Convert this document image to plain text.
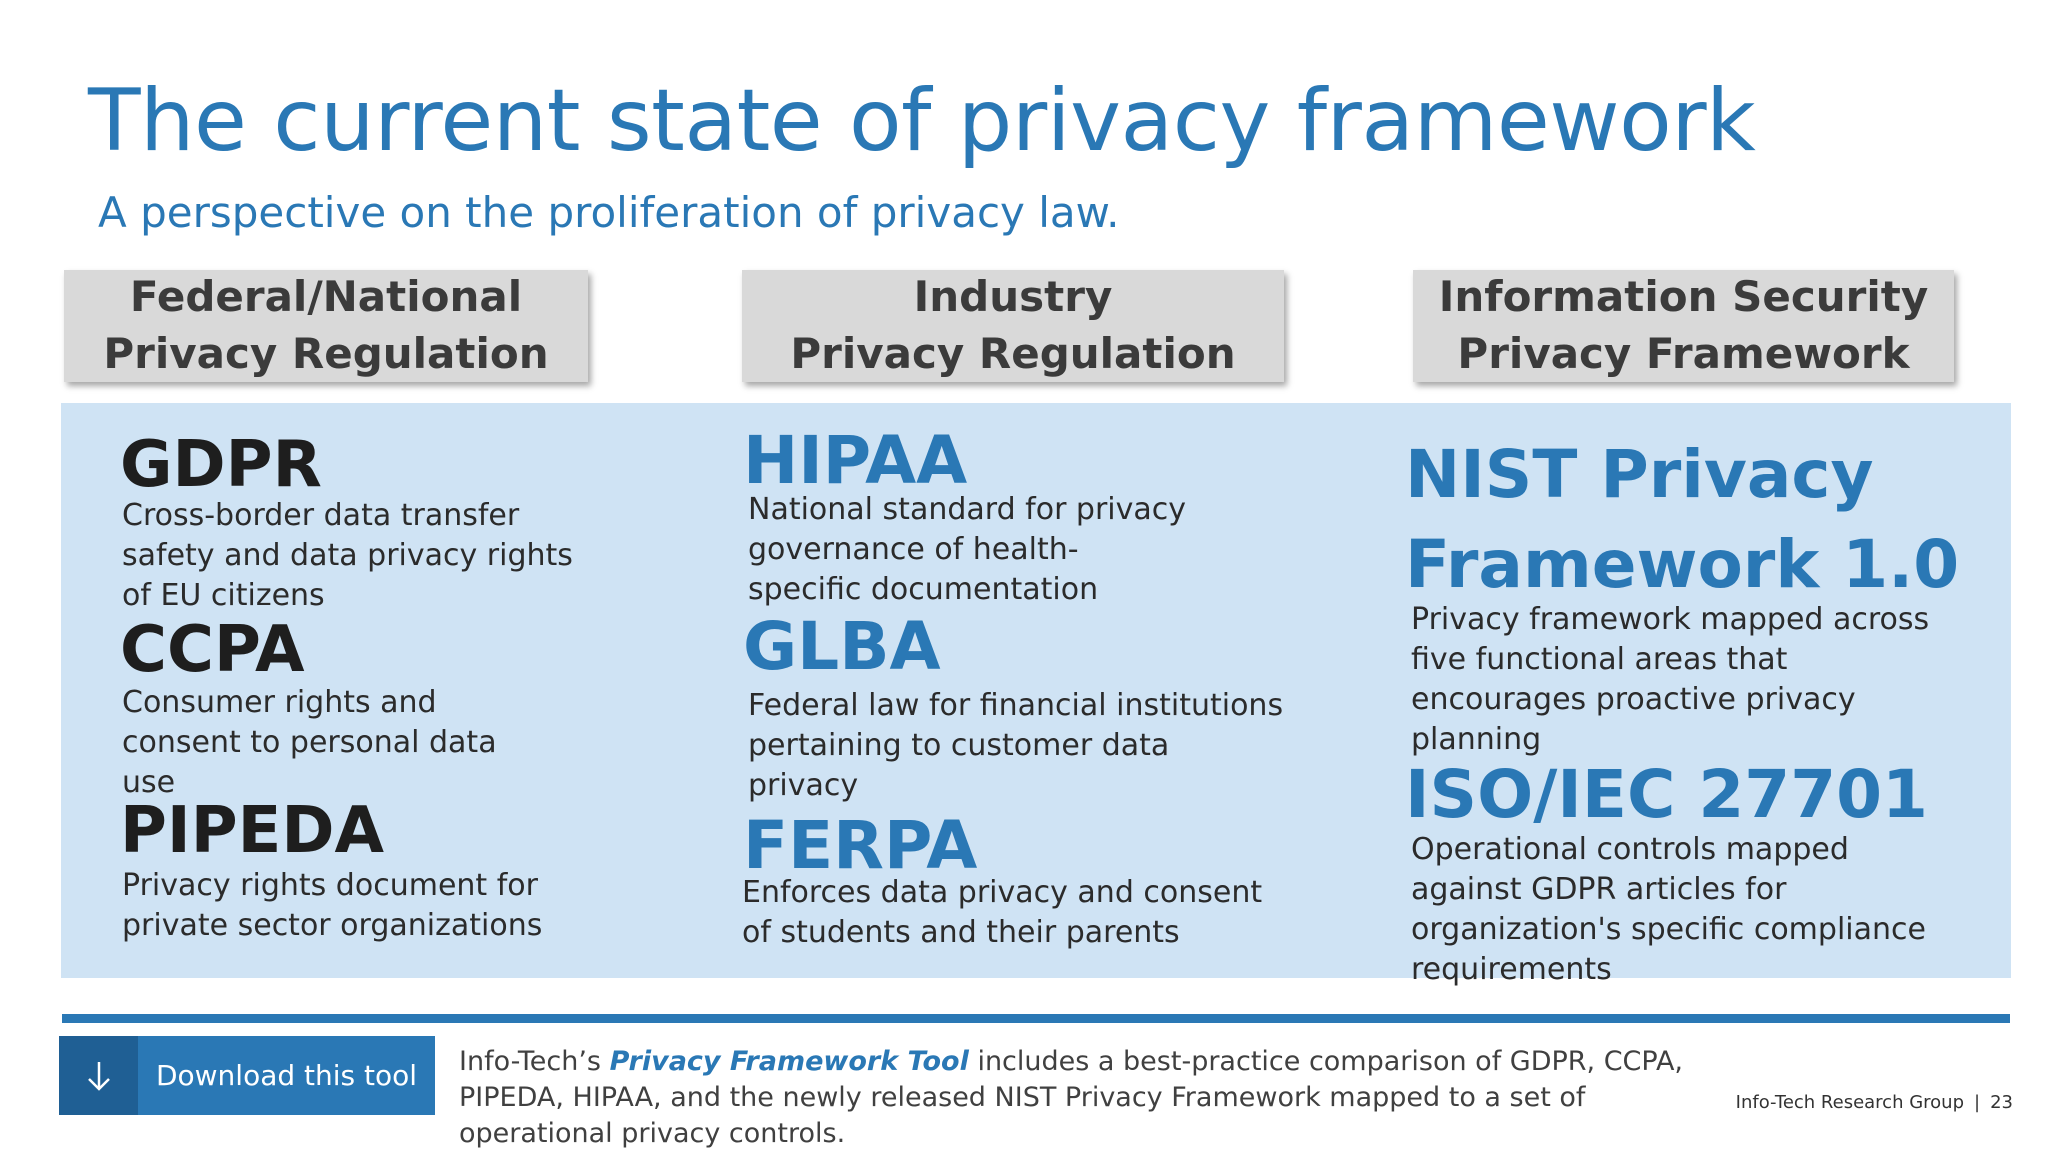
The current state of privacy framework
A perspective on the proliferation of privacy law.
Federal/National
Privacy Regulation
Industry
Privacy Regulation
Information Security
Privacy Framework
GDPR
Cross-border data transfer safety and data privacy rights of EU citizens
CCPA
Consumer rights and consent to personal data use
PIPEDA
Privacy rights document for private sector organizations
HIPAA
National standard for privacy governance of health-specific documentation
GLBA
Federal law for financial institutions pertaining to customer data privacy
FERPA
Enforces data privacy and consent of students and their parents
NIST Privacy
Framework 1.0
Privacy framework mapped across five functional areas that encourages proactive privacy planning
ISO/IEC 27701
Operational controls mapped against GDPR articles for organization's specific compliance requirements
Download this tool	Info-Tech’s Privacy Framework Tool includes a best-practice comparison of GDPR, CCPA, PIPEDA, HIPAA, and the newly released NIST Privacy Framework mapped to a set of operational privacy controls.
Info-Tech Research Group | 23
